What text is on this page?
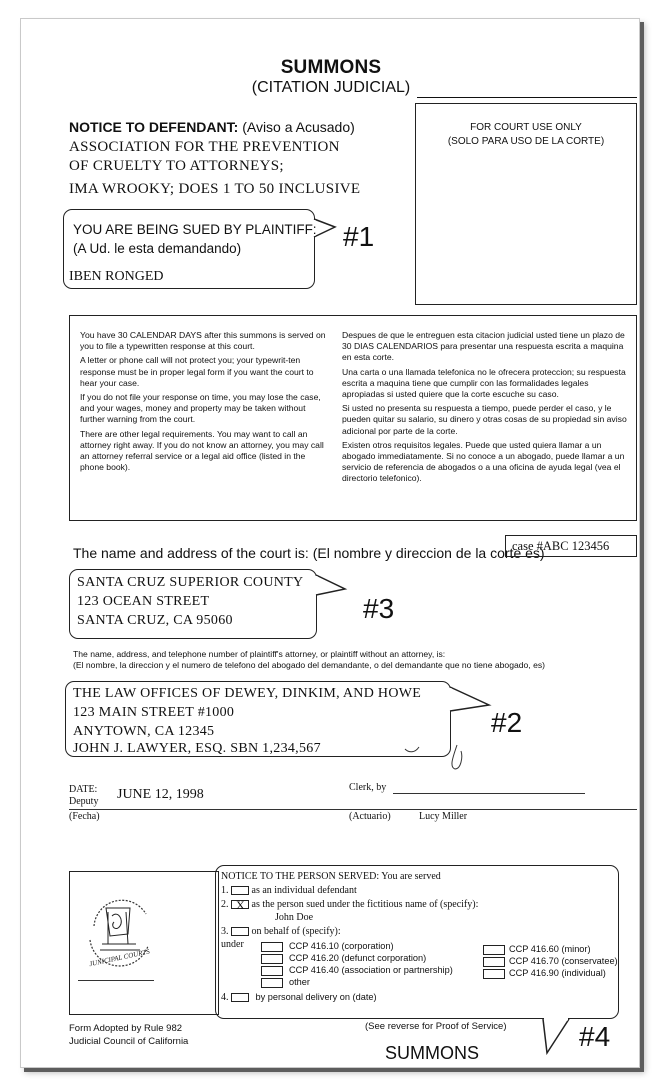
SUMMONS
(CITATION JUDICIAL)
NOTICE TO DEFENDANT: (Aviso a Acusado)
ASSOCIATION FOR THE PREVENTION
OF CRUELTY TO ATTORNEYS;
IMA WROOKY; DOES 1 TO 50 INCLUSIVE
FOR COURT USE ONLY
(SOLO PARA USO DE LA CORTE)
#1
YOU ARE BEING SUED BY PLAINTIFF:
(A Ud. le esta demandando)
IBEN RONGED

You have 30 CALENDAR DAYS after this summons is served on you to file a typewritten response at this court.

A letter or phone call will not protect you; your typewrit-ten response must be in proper legal form if you want the court to hear your case.

If you do not file your response on time, you may lose the case, and your wages, money and property may be taken without further warning from the court.

There are other legal requirements. You may want to call an attorney right away. If you do not know an attorney, you may call an attorney referral service or a legal aid office (listed in the phone book).

Despues de que le entreguen esta citacion judicial usted tiene un plazo de 30 DIAS CALENDARIOS para presentar una respuesta escrita a maquina en esta corte.

Una carta o una llamada telefonica no le ofrecera proteccion; su respuesta escrita a maquina tiene que cumplir con las formalidades legales apropiadas si usted quiere que la corte escuche su caso.

Si usted no presenta su respuesta a tiempo, puede perder el caso, y le pueden quitar su salario, su dinero y otras cosas de su propiedad sin aviso adicional por parte de la corte.

Existen otros requisitos legales. Puede que usted quiera llamar a un abogado immediatamente. Si no conoce a un abogado, puede llamar a un servicio de referencia de abogados o a una oficina de ayuda legal (vea el directorio telefonico).

The name and address of the court is: (El nombre y direccion de la corte es)
case #ABC 123456
#3
SANTA CRUZ SUPERIOR COUNTY
123 OCEAN STREET
SANTA CRUZ, CA 95060
The name, address, and telephone number of plaintiff's attorney, or plaintiff without an attorney, is:
(El nombre, la direccion y el numero de telefono del abogado del demandante, o del demandante que no tiene abogado, es)
#2
THE LAW OFFICES OF DEWEY, DINKIM, AND HOWE
123 MAIN STREET #1000
ANYTOWN, CA 12345
JOHN J. LAWYER, ESQ. SBN 1,234,567
DATE:
Deputy JUNE 12, 1998	Clerk, by
(Fecha)	(Actuario)	Lucy Miller
JUNICIPAL COURTS
#4
NOTICE TO THE PERSON SERVED: You are served
1. as an individual defendant
2. X as the person sued under the fictitious name of (specify):
John Doe
3. on behalf of (specify):
under	CCP 416.10 (corporation)
CCP 416.20 (defunct corporation)
CCP 416.40 (association or partnership)
other
CCP 416.60 (minor)
CCP 416.70 (conservatee)
CCP 416.90 (individual)
4.	by personal delivery on (date)
Form Adopted by Rule 982
Judicial Council of California
(See reverse for Proof of Service)
SUMMONS
